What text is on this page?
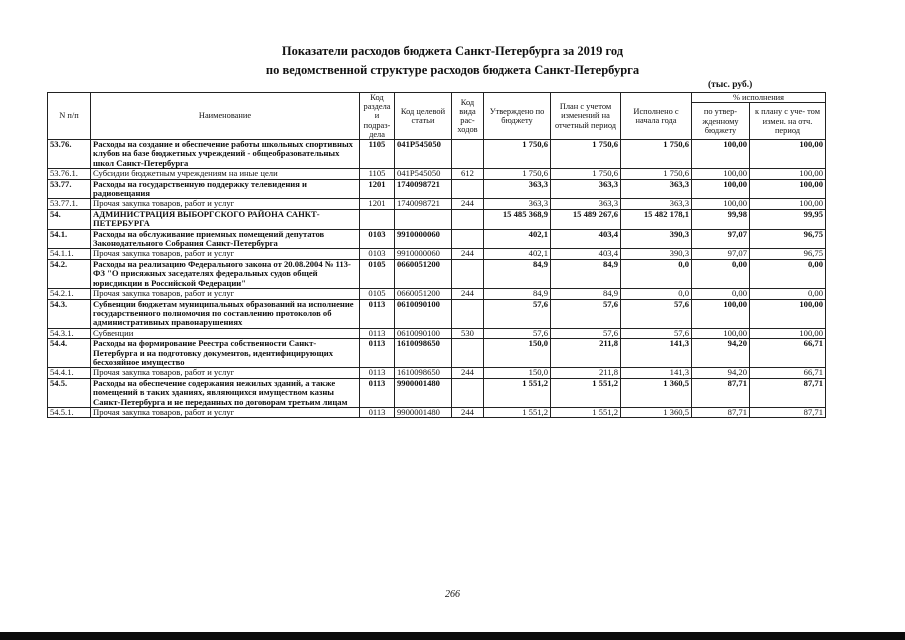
Показатели расходов бюджета Санкт-Петербурга за 2019 год
по ведомственной структуре расходов бюджета Санкт-Петербурга
(тыс. руб.)
N п/п	Наименование	Код раздела и подраз- дела	Код целевой статьи	Код вида рас- ходов	Утверждено по бюджету	План с учетом изменений на отчетный период	Исполнено с начала года	% исполнения	
								по утвер- жденному бюджету	к плану с уче- том измен. на отч. период
53.76.	Расходы на создание и обеспечение работы школьных спортивных клубов на базе бюджетных учреждений - общеобразовательных школ Санкт-Петербурга	1105	041P545050		1 750,6	1 750,6	1 750,6	100,00	100,00
53.76.1.	Субсидии бюджетным учреждениям на иные цели	1105	041P545050	612	1 750,6	1 750,6	1 750,6	100,00	100,00
53.77.	Расходы на государственную поддержку телевидения и радиовещания	1201	1740098721		363,3	363,3	363,3	100,00	100,00
53.77.1.	Прочая закупка товаров, работ и услуг	1201	1740098721	244	363,3	363,3	363,3	100,00	100,00
54.	АДМИНИСТРАЦИЯ ВЫБОРГСКОГО РАЙОНА САНКТ-ПЕТЕРБУРГА				15 485 368,9	15 489 267,6	15 482 178,1	99,98	99,95
54.1.	Расходы на обслуживание приемных помещений депутатов Законодательного Собрания Санкт-Петербурга	0103	9910000060		402,1	403,4	390,3	97,07	96,75
54.1.1.	Прочая закупка товаров, работ и услуг	0103	9910000060	244	402,1	403,4	390,3	97,07	96,75
54.2.	Расходы на реализацию Федерального закона от 20.08.2004 № 113-ФЗ "О присяжных заседателях федеральных судов общей юрисдикции в Российской Федерации"	0105	0660051200		84,9	84,9	0,0	0,00	0,00
54.2.1.	Прочая закупка товаров, работ и услуг	0105	0660051200	244	84,9	84,9	0,0	0,00	0,00
54.3.	Субвенции бюджетам муниципальных образований на исполнение государственного полномочия по составлению протоколов об административных правонарушениях	0113	0610090100		57,6	57,6	57,6	100,00	100,00
54.3.1.	Субвенции	0113	0610090100	530	57,6	57,6	57,6	100,00	100,00
54.4.	Расходы на формирование Реестра собственности Санкт-Петербурга и на подготовку документов, идентифицирующих бесхозяйное имущество	0113	1610098650		150,0	211,8	141,3	94,20	66,71
54.4.1.	Прочая закупка товаров, работ и услуг	0113	1610098650	244	150,0	211,8	141,3	94,20	66,71
54.5.	Расходы на обеспечение содержания нежилых зданий, а также помещений в таких зданиях, являющихся имуществом казны Санкт-Петербурга и не переданных по договорам третьим лицам	0113	9900001480		1 551,2	1 551,2	1 360,5	87,71	87,71
54.5.1.	Прочая закупка товаров, работ и услуг	0113	9900001480	244	1 551,2	1 551,2	1 360,5	87,71	87,71
266
